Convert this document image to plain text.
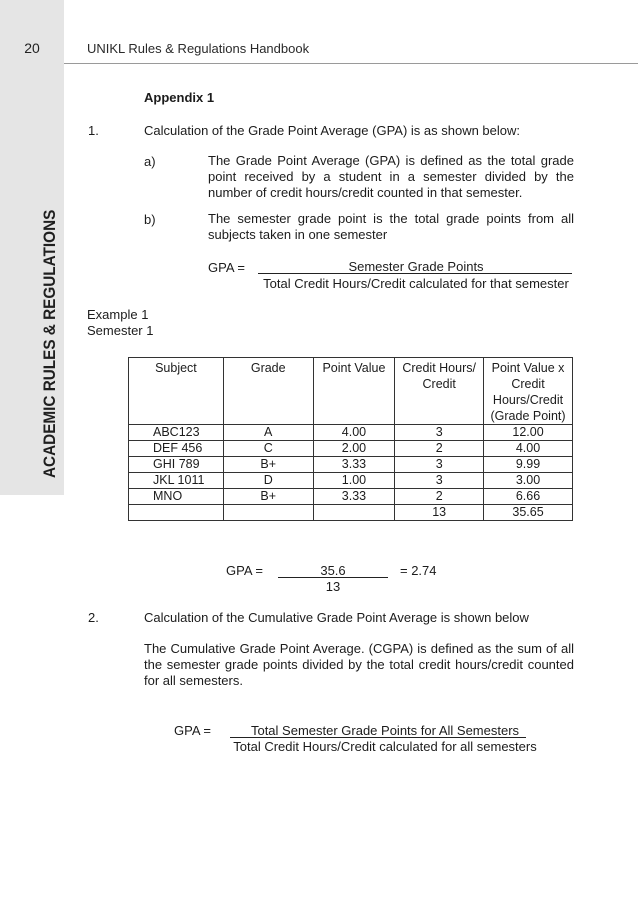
20
ACADEMIC RULES & REGULATIONS
UNIKL Rules & Regulations Handbook
Appendix 1
1.	Calculation of the Grade Point Average (GPA) is as shown below:
a)	The Grade Point Average (GPA) is defined as the total grade point received by a student in a semester divided by the number of credit hours/credit counted in that semester.
b)	The semester grade point is the total grade points from all subjects taken in one semester
GPA =	Semester Grade Points
Total Credit Hours/Credit calculated for that semester
Example 1
Semester 1
Subject	Grade	Point Value	Credit Hours/ Credit	Point Value x Credit Hours/Credit (Grade Point)
ABC123	A	4.00	3	12.00
DEF 456	C	2.00	2	4.00
GHI 789	B+	3.33	3	9.99
JKL 1011	D	1.00	3	3.00
MNO	B+	3.33	2	6.66
			13	35.65
GPA =	35.6
13
= 2.74
2.	Calculation of the Cumulative Grade Point Average is shown below
The Cumulative Grade Point Average. (CGPA) is defined as the sum of all the semester grade points divided by the total credit hours/credit counted for all semesters.
GPA =	Total Semester Grade Points for All Semesters
Total Credit Hours/Credit calculated for all semesters
